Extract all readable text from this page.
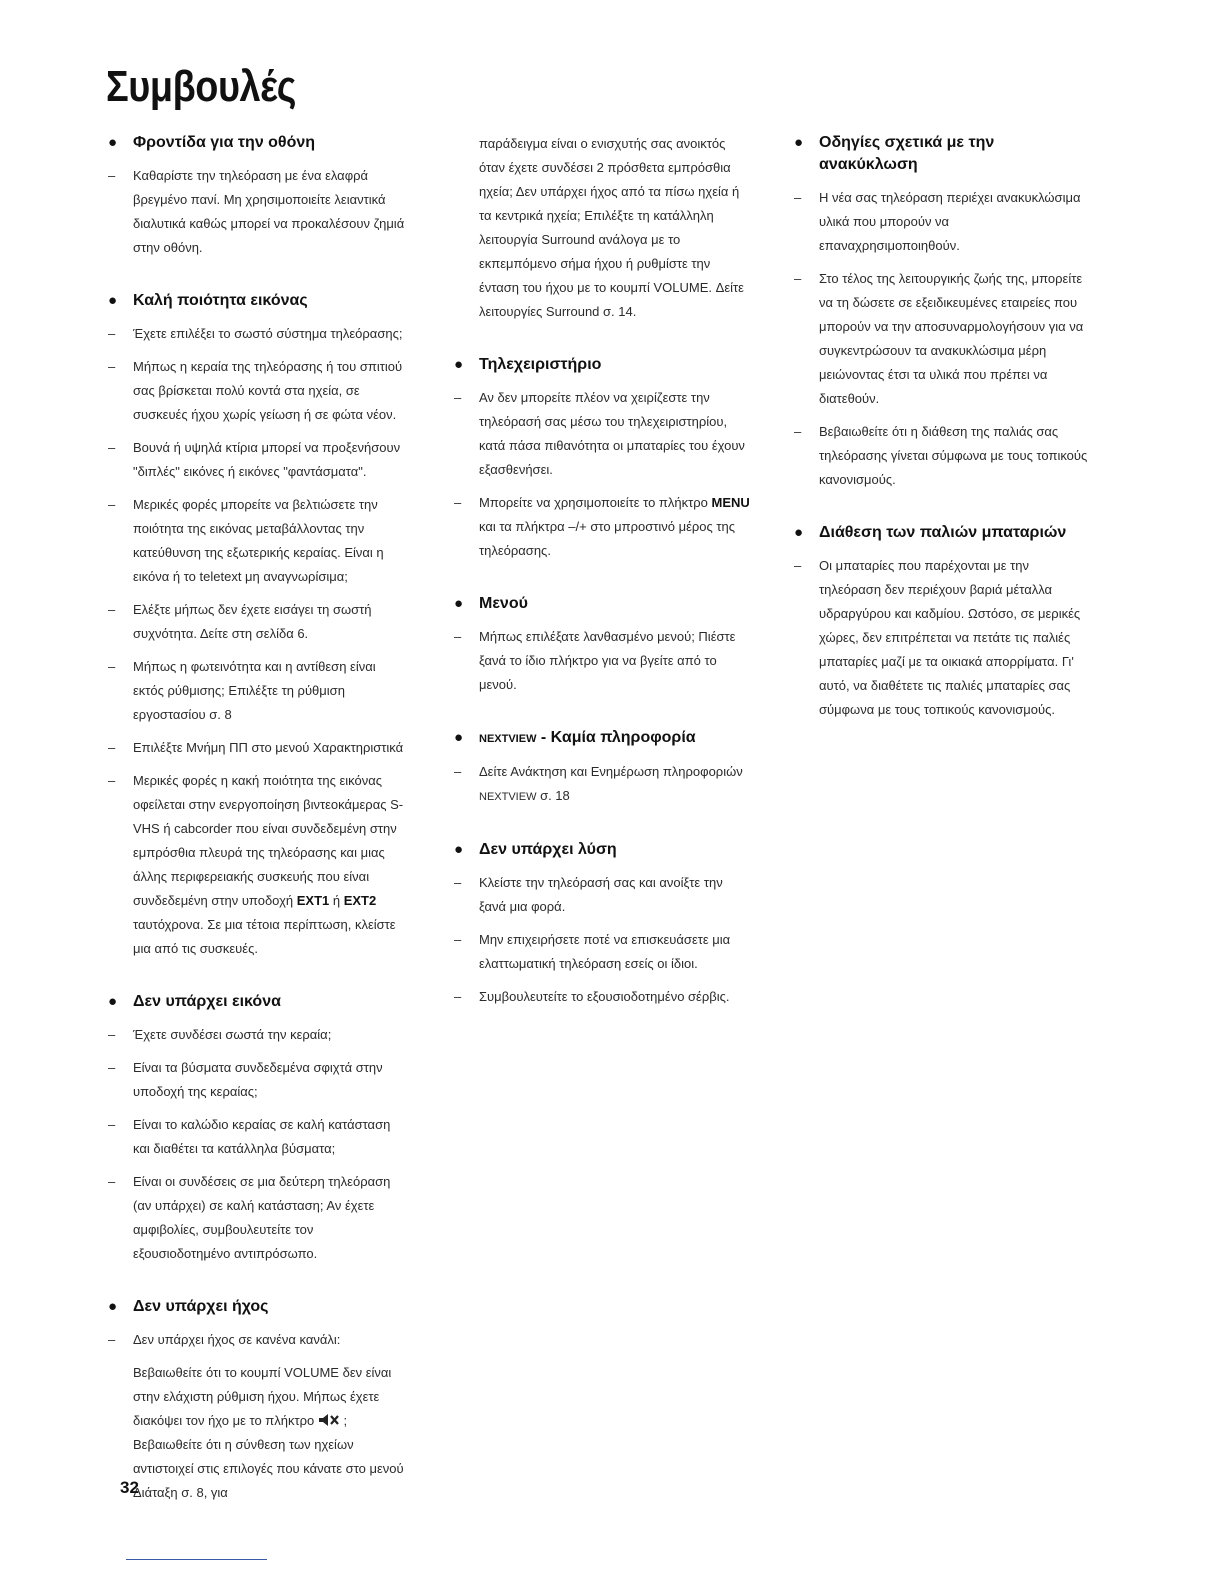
Συμβουλές
● Φροντίδα για την οθόνη

– Καθαρίστε την τηλεόραση με ένα ελαφρά βρεγμένο πανί. Μη χρησιμοποιείτε λειαντικά διαλυτικά καθώς μπορεί να προκαλέσουν ζημιά στην οθόνη.

● Καλή ποιότητα εικόνας

– Έχετε επιλέξει το σωστό σύστημα τηλεόρασης;

– Μήπως η κεραία της τηλεόρασης ή του σπιτιού σας βρίσκεται πολύ κοντά στα ηχεία, σε συσκευές ήχου χωρίς γείωση ή σε φώτα νέον.

– Βουνά ή υψηλά κτίρια μπορεί να προξενήσουν "διπλές" εικόνες ή εικόνες "φαντάσματα".

– Μερικές φορές μπορείτε να βελτιώσετε την ποιότητα της εικόνας μεταβάλλοντας την κατεύθυνση της εξωτερικής κεραίας. Είναι η εικόνα ή το teletext μη αναγνωρίσιμα;

– Ελέξτε μήπως δεν έχετε εισάγει τη σωστή συχνότητα. Δείτε στη σελίδα 6.

– Μήπως η φωτεινότητα και η αντίθεση είναι εκτός ρύθμισης; Επιλέξτε τη ρύθμιση εργοστασίου σ. 8

– Επιλέξτε Μνήμη ΠΠ στο μενού Χαρακτηριστικά

– Μερικές φορές η κακή ποιότητα της εικόνας οφείλεται στην ενεργοποίηση βιντεοκάμερας S-VHS ή cabcorder που είναι συνδεδεμένη στην εμπρόσθια πλευρά της τηλεόρασης και μιας άλλης περιφερειακής συσκευής που είναι συνδεδεμένη στην υποδοχή EXT1 ή EXT2 ταυτόχρονα. Σε μια τέτοια περίπτωση, κλείστε μια από τις συσκευές.

● Δεν υπάρχει εικόνα

– Έχετε συνδέσει σωστά την κεραία;

– Είναι τα βύσματα συνδεδεμένα σφιχτά στην υποδοχή της κεραίας;

– Είναι το καλώδιο κεραίας σε καλή κατάσταση και διαθέτει τα κατάλληλα βύσματα;

– Είναι οι συνδέσεις σε μια δεύτερη τηλεόραση (αν υπάρχει) σε καλή κατάσταση; Αν έχετε αμφιβολίες, συμβουλευτείτε τον εξουσιοδοτημένο αντιπρόσωπο.

● Δεν υπάρχει ήχος

– Δεν υπάρχει ήχος σε κανένα κανάλι:

Βεβαιωθείτε ότι το κουμπί VOLUME δεν είναι στην ελάχιστη ρύθμιση ήχου. Μήπως έχετε διακόψει τον ήχο με το πλήκτρο  ; Βεβαιωθείτε ότι η σύνθεση των ηχείων αντιστοιχεί στις επιλογές που κάνατε στο μενού Διάταξη σ. 8, για

παράδειγμα είναι ο ενισχυτής σας ανοικτός όταν έχετε συνδέσει 2 πρόσθετα εμπρόσθια ηχεία; Δεν υπάρχει ήχος από τα πίσω ηχεία ή τα κεντρικά ηχεία; Επιλέξτε τη κατάλληλη λειτουργία Surround ανάλογα με το εκπεμπόμενο σήμα ήχου ή ρυθμίστε την ένταση του ήχου με το κουμπί VOLUME. Δείτε λειτουργίες Surround σ. 14.

● Τηλεχειριστήριο

– Αν δεν μπορείτε πλέον να χειρίζεστε την τηλεόρασή σας μέσω του τηλεχειριστηρίου, κατά πάσα πιθανότητα οι μπαταρίες του έχουν εξασθενήσει.

– Μπορείτε να χρησιμοποιείτε το πλήκτρο MENU και τα πλήκτρα –/+ στο μπροστινό μέρος της τηλεόρασης.

● Μενού

– Μήπως επιλέξατε λανθασμένο μενού; Πιέστε ξανά το ίδιο πλήκτρο για να βγείτε από το μενού.

● NEXTVIEW - Καμία πληροφορία

– Δείτε Ανάκτηση και Ενημέρωση πληροφοριών NEXTVIEW σ. 18

● Δεν υπάρχει λύση

– Κλείστε την τηλεόρασή σας και ανοίξτε την ξανά μια φορά.

– Μην επιχειρήσετε ποτέ να επισκευάσετε μια ελαττωματική τηλεόραση εσείς οι ίδιοι.

– Συμβουλευτείτε το εξουσιοδοτημένο σέρβις.

● Οδηγίες σχετικά με την ανακύκλωση

– Η νέα σας τηλεόραση περιέχει ανακυκλώσιμα υλικά που μπορούν να επαναχρησιμοποιηθούν.

– Στο τέλος της λειτουργικής ζωής της, μπορείτε να τη δώσετε σε εξειδικευμένες εταιρείες που μπορούν να την αποσυναρμολογήσουν για να συγκεντρώσουν τα ανακυκλώσιμα μέρη μειώνοντας έτσι τα υλικά που πρέπει να διατεθούν.

– Βεβαιωθείτε ότι η διάθεση της παλιάς σας τηλεόρασης γίνεται σύμφωνα με τους τοπικούς κανονισμούς.

● Διάθεση των παλιών μπαταριών

– Οι μπαταρίες που παρέχονται με την τηλεόραση δεν περιέχουν βαριά μέταλλα υδραργύρου και καδμίου. Ωστόσο, σε μερικές χώρες, δεν επιτρέπεται να πετάτε τις παλιές μπαταρίες μαζί με τα οικιακά απορρίματα. Γι' αυτό, να διαθέτετε τις παλιές μπαταρίες σας σύμφωνα με τους τοπικούς κανονισμούς.

32
